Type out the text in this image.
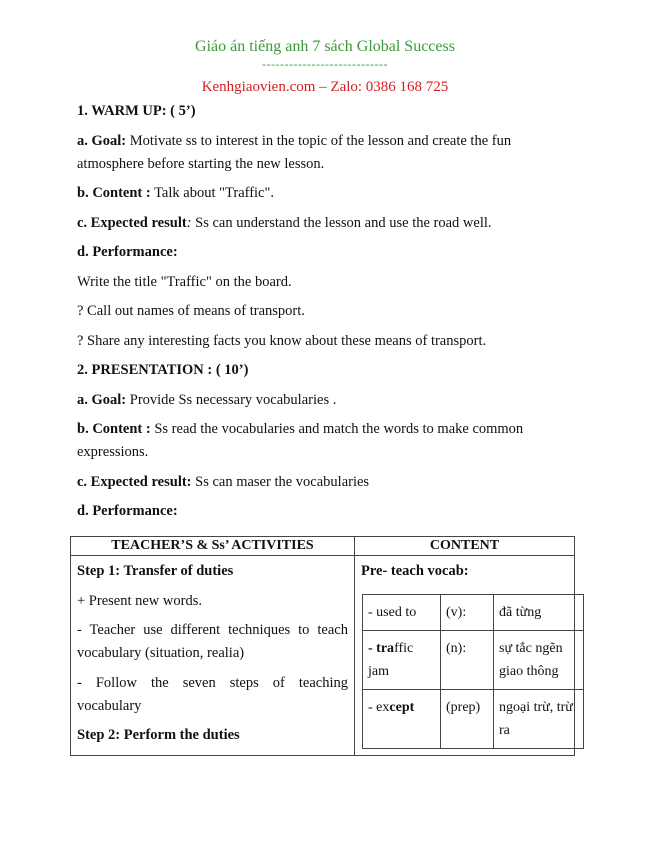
Giáo án tiếng anh 7 sách Global Success
----------------------------
Kenhgiaovien.com – Zalo: 0386 168 725

1. WARM UP: ( 5’)

a. Goal: Motivate ss to interest in the topic of the lesson and create the fun

atmosphere before starting the new lesson.

b. Content : Talk about "Traffic".

c. Expected result: Ss can understand the lesson and use the road well.

d. Performance:

Write the title "Traffic" on the board.

? Call out names of means of transport.

? Share any interesting facts you know about these means of transport.

2. PRESENTATION : ( 10’)

a. Goal: Provide Ss necessary vocabularies .

b. Content : Ss read the vocabularies and match the words to make common

expressions.

c. Expected result: Ss can maser the vocabularies

d. Performance:

TEACHER’S & Ss’ ACTIVITIES	CONTENT

Step 1: Transfer of duties

+ Present new words.

- Teacher use different techniques to teach

vocabulary (situation, realia)

- Follow the seven steps of teaching

vocabulary

Step 2: Perform the duties

Pre- teach vocab:

- used to	(v):	đã từng
- traffic jam	(n):	sự tắc ngẽn giao thông
- except	(prep)	ngoại trừ, trừ ra
